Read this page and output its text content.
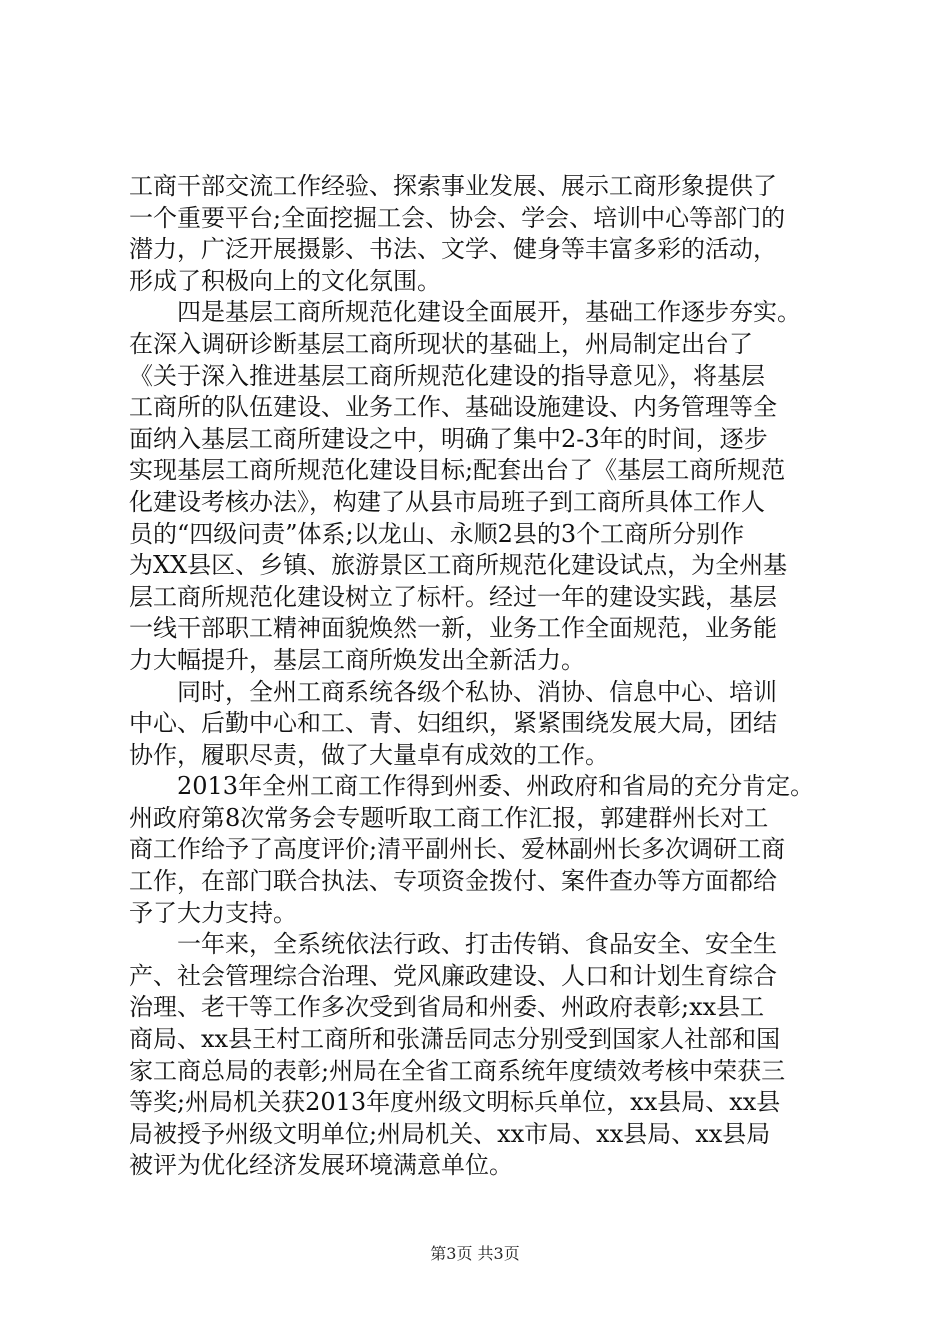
工商干部交流工作经验、探索事业发展、展示工商形象提供了
一个重要平台;全面挖掘工会、协会、学会、培训中心等部门的
潜力，广泛开展摄影、书法、文学、健身等丰富多彩的活动，
形成了积极向上的文化氛围。
　　四是基层工商所规范化建设全面展开，基础工作逐步夯实。
在深入调研诊断基层工商所现状的基础上，州局制定出台了
《关于深入推进基层工商所规范化建设的指导意见》，将基层
工商所的队伍建设、业务工作、基础设施建设、内务管理等全
面纳入基层工商所建设之中，明确了集中2-3年的时间，逐步
实现基层工商所规范化建设目标;配套出台了《基层工商所规范
化建设考核办法》，构建了从县市局班子到工商所具体工作人
员的“四级问责”体系;以龙山、永顺2县的3个工商所分别作
为XX县区、乡镇、旅游景区工商所规范化建设试点，为全州基
层工商所规范化建设树立了标杆。经过一年的建设实践，基层
一线干部职工精神面貌焕然一新，业务工作全面规范，业务能
力大幅提升，基层工商所焕发出全新活力。
　　同时，全州工商系统各级个私协、消协、信息中心、培训
中心、后勤中心和工、青、妇组织，紧紧围绕发展大局，团结
协作，履职尽责，做了大量卓有成效的工作。
　　2013年全州工商工作得到州委、州政府和省局的充分肯定。
州政府第8次常务会专题听取工商工作汇报，郭建群州长对工
商工作给予了高度评价;清平副州长、爱林副州长多次调研工商
工作，在部门联合执法、专项资金拨付、案件查办等方面都给
予了大力支持。
　　一年来，全系统依法行政、打击传销、食品安全、安全生
产、社会管理综合治理、党风廉政建设、人口和计划生育综合
治理、老干等工作多次受到省局和州委、州政府表彰;xx县工
商局、xx县王村工商所和张潇岳同志分别受到国家人社部和国
家工商总局的表彰;州局在全省工商系统年度绩效考核中荣获三
等奖;州局机关获2013年度州级文明标兵单位，xx县局、xx县
局被授予州级文明单位;州局机关、xx市局、xx县局、xx县局
被评为优化经济发展环境满意单位。
第3页 共3页
